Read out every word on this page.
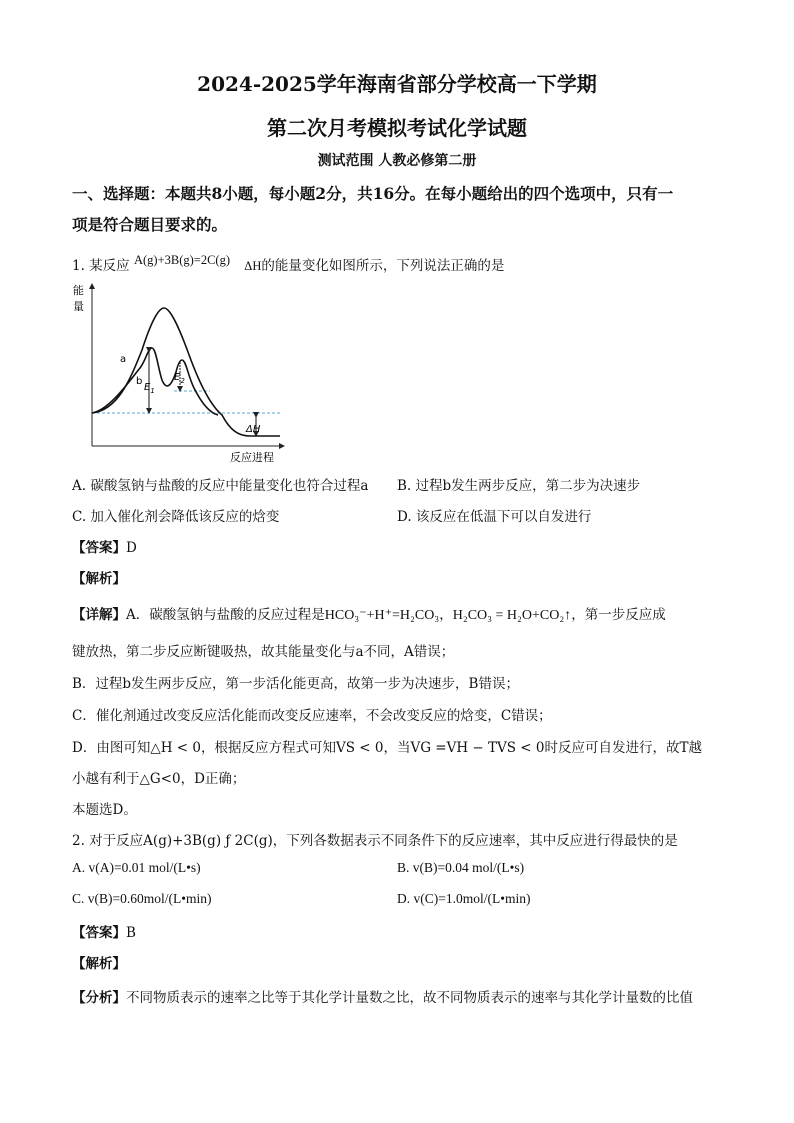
2024-2025学年海南省部分学校高一下学期
第二次月考模拟考试化学试题
测试范围 人教必修第二册
一、选择题：本题共8小题，每小题2分，共16分。在每小题给出的四个选项中，只有一
项是符合题目要求的。
1. 某反应 A(g)+3B(g)=2C(g) ΔH的能量变化如图所示，下列说法正确的是
能
量
反应进程
a
b
$E_1$
$E_2$
ΔH
A. 碳酸氢钠与盐酸的反应中能量变化也符合过程a B. 过程b发生两步反应，第二步为决速步
C. 加入催化剂会降低该反应的焓变	D. 该反应在低温下可以自发进行
【答案】D
【解析】
【详解】A．碳酸氢钠与盐酸的反应过程是HCO₃⁻+H⁺=H₂CO₃，H₂CO₃ = H₂O+CO₂↑，第一步反应成
键放热，第二步反应断键吸热，故其能量变化与a不同，A错误；
B．过程b发生两步反应，第一步活化能更高，故第一步为决速步，B错误；
C．催化剂通过改变反应活化能而改变反应速率，不会改变反应的焓变，C错误；
D．由图可知△H < 0，根据反应方程式可知VS < 0，当VG =VH − TVS < 0时反应可自发进行，故T越
小越有利于△G<0，D正确；
本题选D。
2. 对于反应A(g)+3B(g) ƒ 2C(g)，下列各数据表示不同条件下的反应速率，其中反应进行得最快的是
A. v(A)=0.01 mol/(L•s)	B. v(B)=0.04 mol/(L•s)
C. v(B)=0.60mol/(L•min)	D. v(C)=1.0mol/(L•min)
【答案】B
【解析】
【分析】不同物质表示的速率之比等于其化学计量数之比，故不同物质表示的速率与其化学计量数的比值
